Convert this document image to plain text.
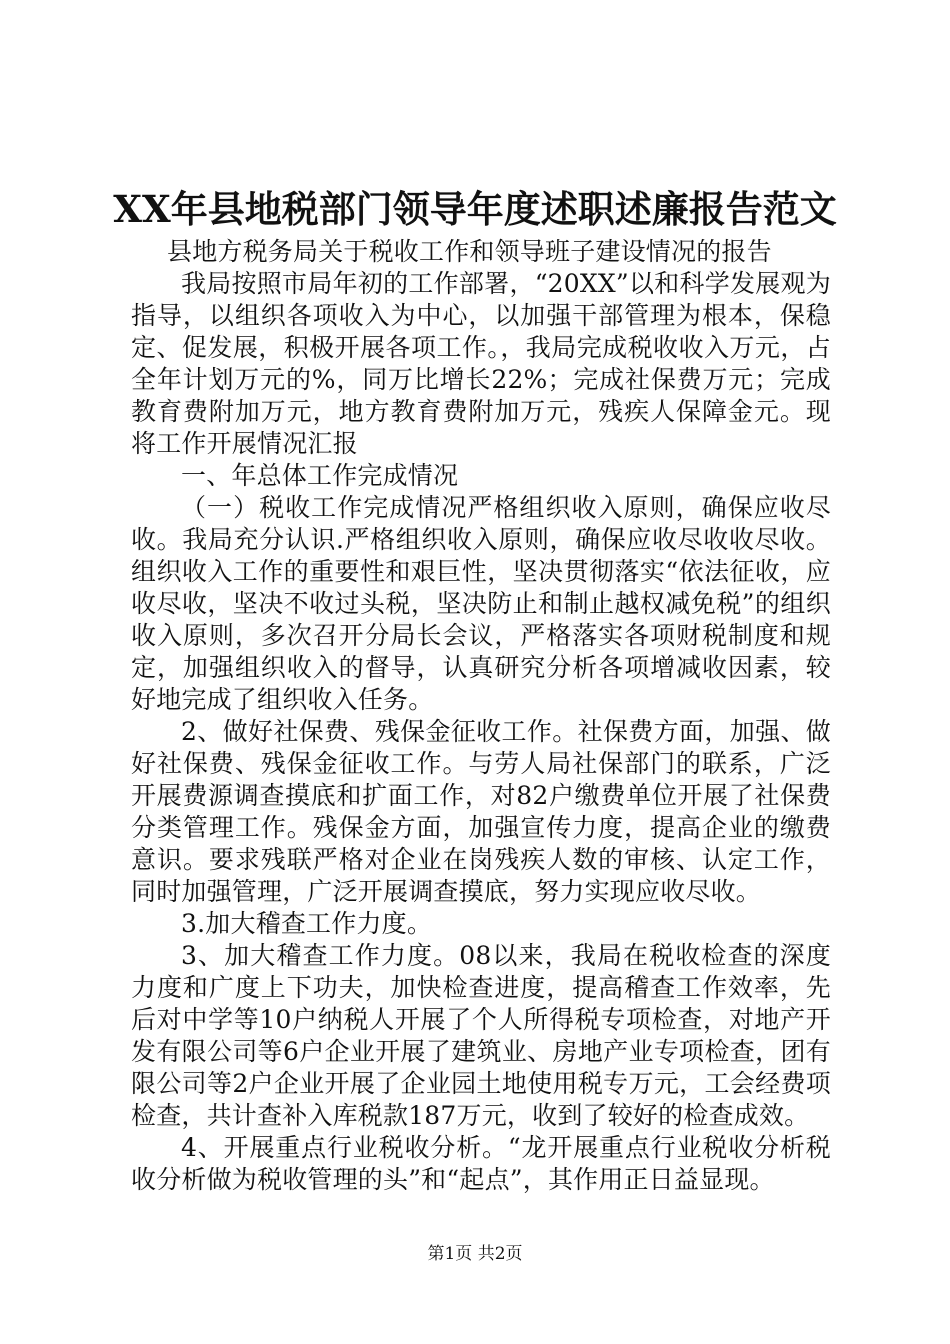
XX年县地税部门领导年度述职述廉报告范文

县地方税务局关于税收工作和领导班子建设情况的报告

我局按照市局年初的工作部署，“20XX”以和科学发展观为指导，以组织各项收入为中心，以加强干部管理为根本，保稳定、促发展，积极开展各项工作。，我局完成税收收入万元，占全年计划万元的%，同万比增长22%；完成社保费万元；完成教育费附加万元，地方教育费附加万元，残疾人保障金元。现将工作开展情况汇报

一、年总体工作完成情况

（一）税收工作完成情况严格组织收入原则，确保应收尽收。我局充分认识.严格组织收入原则，确保应收尽收收尽收。组织收入工作的重要性和艰巨性，坚决贯彻落实“依法征收，应收尽收，坚决不收过头税，坚决防止和制止越权减免税”的组织收入原则，多次召开分局长会议，严格落实各项财税制度和规定，加强组织收入的督导，认真研究分析各项增减收因素，较好地完成了组织收入任务。

2、做好社保费、残保金征收工作。社保费方面，加强、做好社保费、残保金征收工作。与劳人局社保部门的联系，广泛开展费源调查摸底和扩面工作，对82户缴费单位开展了社保费分类管理工作。残保金方面，加强宣传力度，提高企业的缴费意识。要求残联严格对企业在岗残疾人数的审核、认定工作，同时加强管理，广泛开展调查摸底，努力实现应收尽收。

3.加大稽查工作力度。

3、加大稽查工作力度。08以来，我局在税收检查的深度力度和广度上下功夫，加快检查进度，提高稽查工作效率，先后对中学等10户纳税人开展了个人所得税专项检查，对地产开发有限公司等6户企业开展了建筑业、房地产业专项检查，团有限公司等2户企业开展了企业园土地使用税专万元，工会经费项检查，共计查补入库税款187万元，收到了较好的检查成效。

4、开展重点行业税收分析。“龙开展重点行业税收分析税收分析做为税收管理的头”和“起点”，其作用正日益显现。

第1页 共2页
